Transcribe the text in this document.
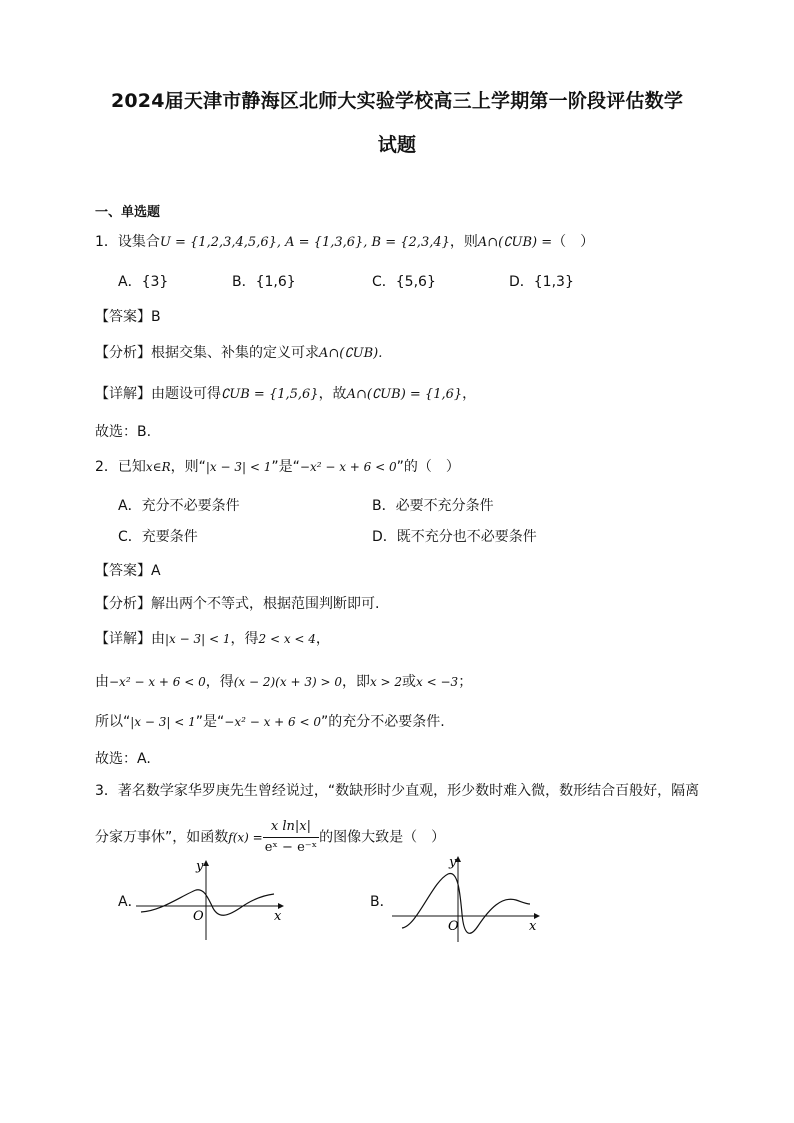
2024届天津市静海区北师大实验学校高三上学期第一阶段评估数学
试题
一、单选题
1．设集合U = {1,2,3,4,5,6}, A = {1,3,6}, B = {2,3,4}，则A∩(∁UB) =（　）
A．{3}	B．{1,6}	C．{5,6}	D．{1,3}
【答案】B
【分析】根据交集、补集的定义可求A∩(∁UB).
【详解】由题设可得∁UB = {1,5,6}，故A∩(∁UB) = {1,6}，
故选：B.
2．已知x∈R，则“|x − 3| < 1”是“−x² − x + 6 < 0”的（　）
A．充分不必要条件	B．必要不充分条件
C．充要条件	D．既不充分也不必要条件
【答案】A
【分析】解出两个不等式，根据范围判断即可.
【详解】由|x − 3| < 1，得2 < x < 4，
由−x² − x + 6 < 0，得(x − 2)(x + 3) > 0，即x > 2或x < −3；
所以“|x − 3| < 1”是“−x² − x + 6 < 0”的充分不必要条件.
故选：A.
3．著名数学家华罗庚先生曾经说过，“数缺形时少直观，形少数时难入微，数形结合百般好，隔离
分家万事休”，如函数$f(x) = \frac{\text{x ln|x|}}{\text{eˣ − e⁻ˣ}}$ 的图像大致是（　）
A．
O
y
x
B．
O
y
x
